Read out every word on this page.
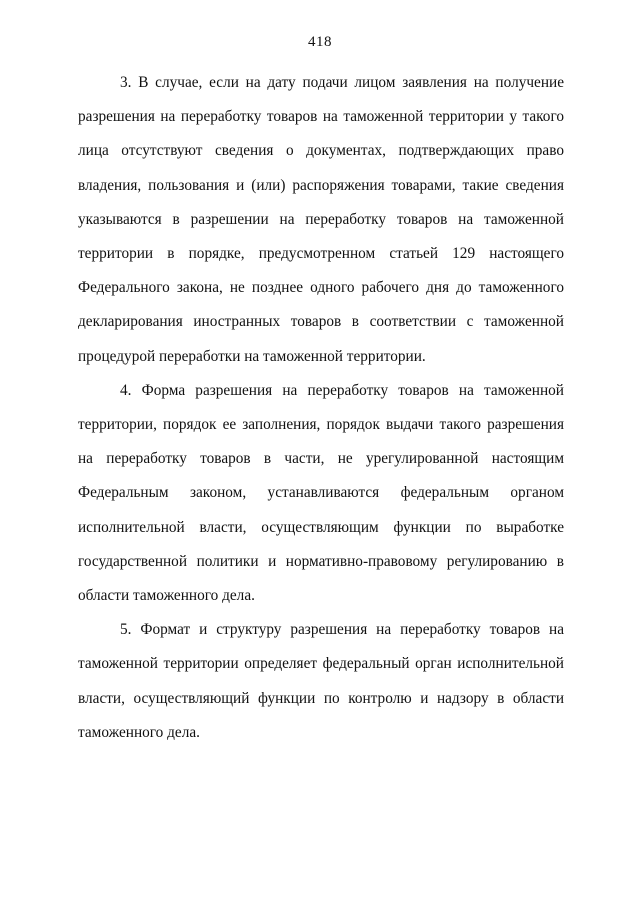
418

3. В случае, если на дату подачи лицом заявления на получение разрешения на переработку товаров на таможенной территории у такого лица отсутствуют сведения о документах, подтверждающих право владения, пользования и (или) распоряжения товарами, такие сведения указываются в разрешении на переработку товаров на таможенной территории в порядке, предусмотренном статьей 129 настоящего Федерального закона, не позднее одного рабочего дня до таможенного декларирования иностранных товаров в соответствии с таможенной процедурой переработки на таможенной территории.

4. Форма разрешения на переработку товаров на таможенной территории, порядок ее заполнения, порядок выдачи такого разрешения на переработку товаров в части, не урегулированной настоящим Федеральным законом, устанавливаются федеральным органом исполнительной власти, осуществляющим функции по выработке государственной политики и нормативно-правовому регулированию в области таможенного дела.

5. Формат и структуру разрешения на переработку товаров на таможенной территории определяет федеральный орган исполнительной власти, осуществляющий функции по контролю и надзору в области таможенного дела.
